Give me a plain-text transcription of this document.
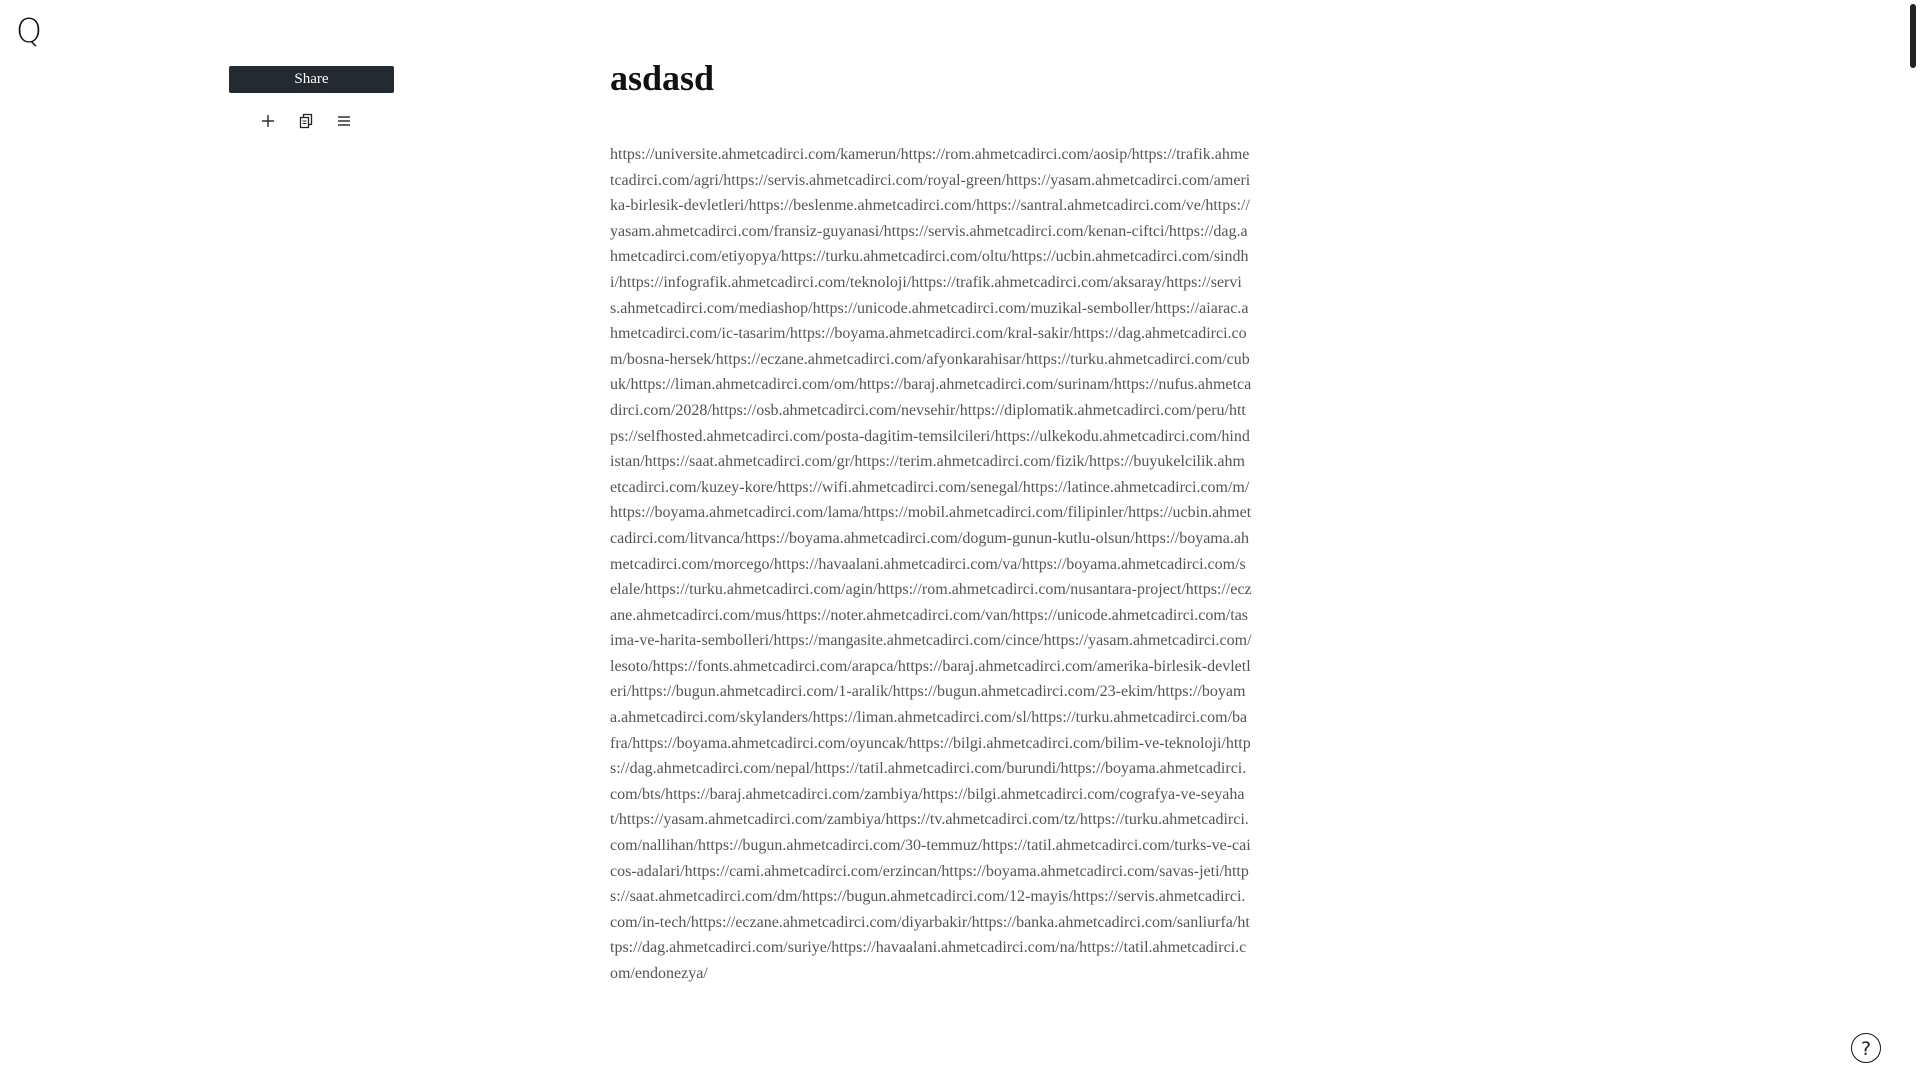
Q
Share	asdasd
https://universite.ahmetcadirci.com/kamerun/https://rom.ahmetcadirci.com/aosip/https://trafik.ahmetcadirci.com/agri/https://servis.ahmetcadirci.com/royal-green/https://yasam.ahmetcadirci.com/amerika-birlesik-devletleri/https://beslenme.ahmetcadirci.com/https://santral.ahmetcadirci.com/ve/https://yasam.ahmetcadirci.com/fransiz-guyanasi/https://servis.ahmetcadirci.com/kenan-ciftci/https://dag.ahmetcadirci.com/etiyopya/https://turku.ahmetcadirci.com/oltu/https://ucbin.ahmetcadirci.com/sindhi/https://infografik.ahmetcadirci.com/teknoloji/https://trafik.ahmetcadirci.com/aksaray/https://servis.ahmetcadirci.com/mediashop/https://unicode.ahmetcadirci.com/muzikal-semboller/https://aiarac.ahmetcadirci.com/ic-tasarim/https://boyama.ahmetcadirci.com/kral-sakir/https://dag.ahmetcadirci.com/bosna-hersek/https://eczane.ahmetcadirci.com/afyonkarahisar/https://turku.ahmetcadirci.com/cubuk/https://liman.ahmetcadirci.com/om/https://baraj.ahmetcadirci.com/surinam/https://nufus.ahmetcadirci.com/2028/https://osb.ahmetcadirci.com/nevsehir/https://diplomatik.ahmetcadirci.com/peru/https://selfhosted.ahmetcadirci.com/posta-dagitim-temsilcileri/https://ulkekodu.ahmetcadirci.com/hindistan/https://saat.ahmetcadirci.com/gr/https://terim.ahmetcadirci.com/fizik/https://buyukelcilik.ahmetcadirci.com/kuzey-kore/https://wifi.ahmetcadirci.com/senegal/https://latince.ahmetcadirci.com/m/https://boyama.ahmetcadirci.com/lama/https://mobil.ahmetcadirci.com/filipinler/https://ucbin.ahmetcadirci.com/litvanca/https://boyama.ahmetcadirci.com/dogum-gunun-kutlu-olsun/https://boyama.ahmetcadirci.com/morcego/https://havaalani.ahmetcadirci.com/va/https://boyama.ahmetcadirci.com/selale/https://turku.ahmetcadirci.com/agin/https://rom.ahmetcadirci.com/nusantara-project/https://eczane.ahmetcadirci.com/mus/https://noter.ahmetcadirci.com/van/https://unicode.ahmetcadirci.com/tasima-ve-harita-sembolleri/https://mangasite.ahmetcadirci.com/cince/https://yasam.ahmetcadirci.com/lesoto/https://fonts.ahmetcadirci.com/arapca/https://baraj.ahmetcadirci.com/amerika-birlesik-devletleri/https://bugun.ahmetcadirci.com/1-aralik/https://bugun.ahmetcadirci.com/23-ekim/https://boyama.ahmetcadirci.com/skylanders/https://liman.ahmetcadirci.com/sl/https://turku.ahmetcadirci.com/bafra/https://boyama.ahmetcadirci.com/oyuncak/https://bilgi.ahmetcadirci.com/bilim-ve-teknoloji/https://dag.ahmetcadirci.com/nepal/https://tatil.ahmetcadirci.com/burundi/https://boyama.ahmetcadirci.com/bts/https://baraj.ahmetcadirci.com/zambiya/https://bilgi.ahmetcadirci.com/cografya-ve-seyahat/https://yasam.ahmetcadirci.com/zambiya/https://tv.ahmetcadirci.com/tz/https://turku.ahmetcadirci.com/nallihan/https://bugun.ahmetcadirci.com/30-temmuz/https://tatil.ahmetcadirci.com/turks-ve-caicos-adalari/https://cami.ahmetcadirci.com/erzincan/https://boyama.ahmetcadirci.com/savas-jeti/https://saat.ahmetcadirci.com/dm/https://bugun.ahmetcadirci.com/12-mayis/https://servis.ahmetcadirci.com/in-tech/https://eczane.ahmetcadirci.com/diyarbakir/https://banka.ahmetcadirci.com/sanliurfa/https://dag.ahmetcadirci.com/suriye/https://havaalani.ahmetcadirci.com/na/https://tatil.ahmetcadirci.com/endonezya/
?
